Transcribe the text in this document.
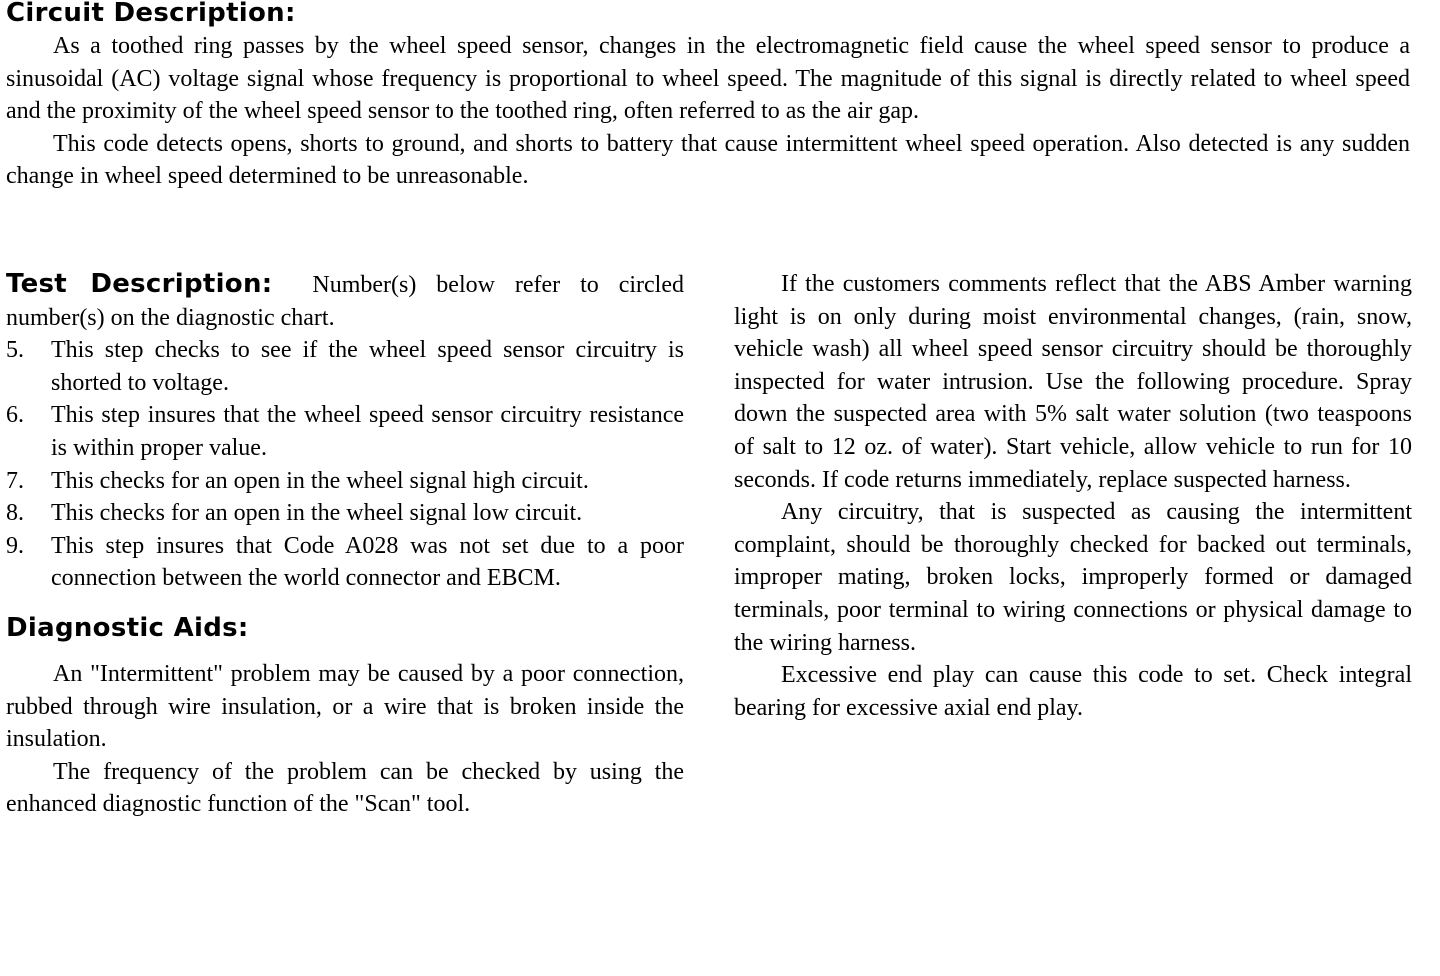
Circuit Description:

As a toothed ring passes by the wheel speed sensor, changes in the electromagnetic field cause the wheel speed sensor to produce a sinusoidal (AC) voltage signal whose frequency is proportional to wheel speed. The magnitude of this signal is directly related to wheel speed and the proximity of the wheel speed sensor to the toothed ring, often referred to as the air gap.

This code detects opens, shorts to ground, and shorts to battery that cause intermittent wheel speed operation. Also detected is any sudden change in wheel speed determined to be unreasonable.

Test Description: Number(s) below refer to circled number(s) on the diagnostic chart.

5.	This step checks to see if the wheel speed sensor circuitry is shorted to voltage.
6.	This step insures that the wheel speed sensor circuitry resistance is within proper value.
7.	This checks for an open in the wheel signal high circuit.
8.	This checks for an open in the wheel signal low circuit.
9.	This step insures that Code A028 was not set due to a poor connection between the world connector and EBCM.
Diagnostic Aids:

An "Intermittent" problem may be caused by a poor connection, rubbed through wire insulation, or a wire that is broken inside the insulation.

The frequency of the problem can be checked by using the enhanced diagnostic function of the "Scan" tool.

If the customers comments reflect that the ABS Amber warning light is on only during moist environmental changes, (rain, snow, vehicle wash) all wheel speed sensor circuitry should be thoroughly inspected for water intrusion. Use the following procedure. Spray down the suspected area with 5% salt water solution (two teaspoons of salt to 12 oz. of water). Start vehicle, allow vehicle to run for 10 seconds. If code returns immediately, replace suspected harness.

Any circuitry, that is suspected as causing the intermittent complaint, should be thoroughly checked for backed out terminals, improper mating, broken locks, improperly formed or damaged terminals, poor terminal to wiring connections or physical damage to the wiring harness.

Excessive end play can cause this code to set. Check integral bearing for excessive axial end play.
